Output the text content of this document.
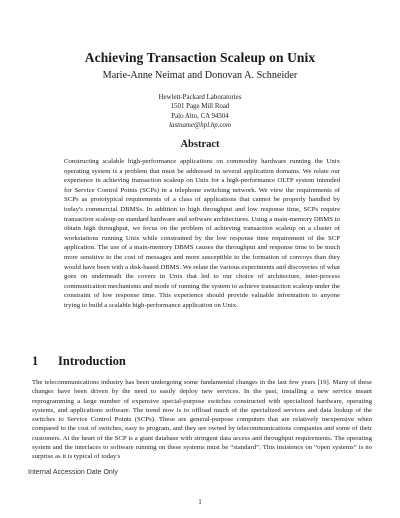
Achieving Transaction Scaleup on Unix
Marie-Anne Neimat and Donovan A. Schneider
Hewlett-Packard Laboratories
1501 Page Mill Road
Palo Alto, CA 94304
lastname@hpl.hp.com
Abstract
Constructing scalable high-performance applications on commodity hardware running the Unix operating system is a problem that must be addressed in several application domains. We relate our experience in achieving transaction scaleup on Unix for a high-performance OLTP system intended for Service Control Points (SCPs) in a telephone switching network. We view the requirements of SCPs as prototypical requirements of a class of applications that cannot be properly handled by today's commercial DBMSs. In addition to high throughput and low response time, SCPs require transaction scaleup on standard hardware and software architectures. Using a main-memory DBMS to obtain high throughput, we focus on the problem of achieving transaction scaleup on a cluster of workstations running Unix while constrained by the low response time requirement of the SCP application. The use of a main-memory DBMS causes the throughput and response time to be much more sensitive to the cost of messages and more susceptible to the formation of convoys than they would have been with a disk-based DBMS. We relate the various experiments and discoveries of what goes on underneath the covers in Unix that led to our choice of architecture, inter-process communication mechanisms and mode of running the system to achieve transaction scaleup under the constraint of low response time. This experience should provide valuable information to anyone trying to build a scalable high-performance application on Unix.
1 Introduction
The telecommunications industry has been undergoing some fundamental changes in the last few years [19]. Many of these changes have been driven by the need to easily deploy new services. In the past, installing a new service meant reprogramming a large number of expensive special-purpose switches constructed with specialized hardware, operating systems, and applications software. The trend now is to offload much of the specialized services and data lookup of the switches to Service Control Points (SCPs). These are general-purpose computers that are relatively inexpensive when compared to the cost of switches, easy to program, and they are owned by telecommunications companies and some of their customers. At the heart of the SCP is a giant database with stringent data access and throughput requirements. The operating system and the interfaces to software running on these systems must be “standard”. This insistence on “open systems” is no surprise as it is typical of today's
Internal Accession Date Only
1
